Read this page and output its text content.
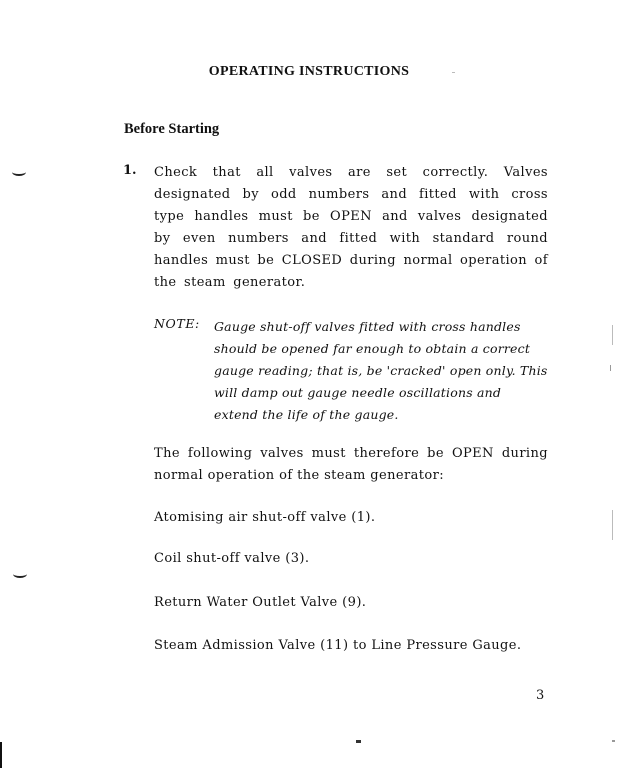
OPERATING INSTRUCTIONS
Before Starting
1. Check that all valves are set correctly. Valves designated by odd numbers and fitted with cross type handles must be OPEN and valves designated by even numbers and fitted with standard round handles must be CLOSED during normal operation of the steam generator.
NOTE: Gauge shut-off valves fitted with cross handles should be opened far enough to obtain a correct gauge reading; that is, be 'cracked' open only. This will damp out gauge needle oscillations and extend the life of the gauge.
The following valves must therefore be OPEN during normal operation of the steam generator:
Atomising air shut-off valve (1).
Coil shut-off valve (3).
Return Water Outlet Valve (9).
Steam Admission Valve (11) to Line Pressure Gauge.
3
